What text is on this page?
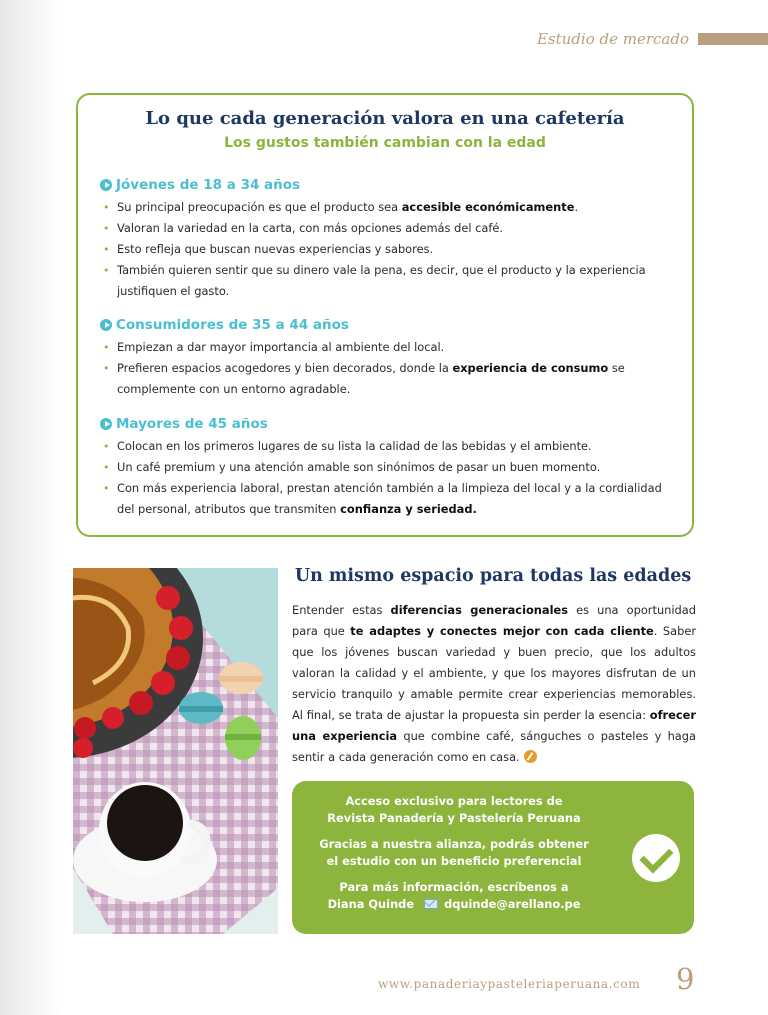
Estudio de mercado
Lo que cada generación valora en una cafetería
Los gustos también cambian con la edad
Jóvenes de 18 a 34 años
• Su principal preocupación es que el producto sea accesible económicamente.
• Valoran la variedad en la carta, con más opciones además del café.
• Esto refleja que buscan nuevas experiencias y sabores.
• También quieren sentir que su dinero vale la pena, es decir, que el producto y la experiencia justifiquen el gasto.
Consumidores de 35 a 44 años
• Empiezan a dar mayor importancia al ambiente del local.
• Prefieren espacios acogedores y bien decorados, donde la experiencia de consumo se complemente con un entorno agradable.
Mayores de 45 años
• Colocan en los primeros lugares de su lista la calidad de las bebidas y el ambiente.
• Un café premium y una atención amable son sinónimos de pasar un buen momento.
• Con más experiencia laboral, prestan atención también a la limpieza del local y a la cordialidad del personal, atributos que transmiten confianza y seriedad.
Un mismo espacio para todas las edades
Entender estas diferencias generacionales es una oportunidad para que te adaptes y conectes mejor con cada cliente. Saber que los jóvenes buscan variedad y buen precio, que los adultos valoran la calidad y el ambiente, y que los mayores disfrutan de un servicio tranquilo y amable permite crear experiencias memorables. Al final, se trata de ajustar la propuesta sin perder la esencia: ofrecer una experiencia que combine café, sánguches o pasteles y haga sentir a cada generación como en casa.

Acceso exclusivo para lectores de
Revista Panadería y Pastelería Peruana

Gracias a nuestra alianza, podrás obtener
el estudio con un beneficio preferencial

Para más información, escríbenos a
Diana Quinde	dquinde@arellano.pe

www.panaderiaypasteleriaperuana.com 9
